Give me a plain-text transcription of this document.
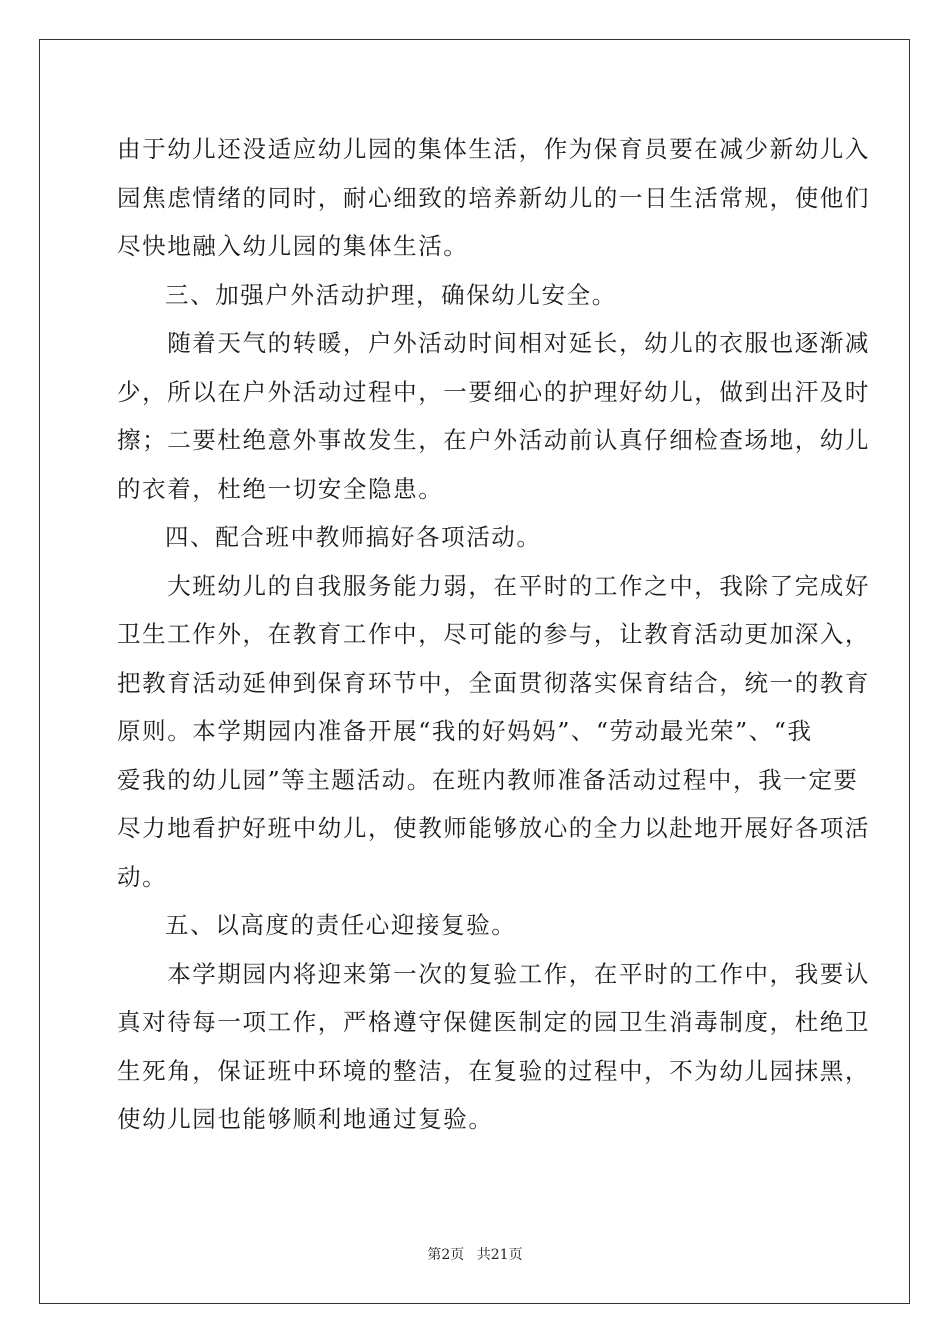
由于幼儿还没适应幼儿园的集体生活，作为保育员要在减少新幼儿入
园焦虑情绪的同时，耐心细致的培养新幼儿的一日生活常规，使他们
尽快地融入幼儿园的集体生活。
三、加强户外活动护理，确保幼儿安全。
　　随着天气的转暖，户外活动时间相对延长，幼儿的衣服也逐渐减
少，所以在户外活动过程中，一要细心的护理好幼儿，做到出汗及时
擦；二要杜绝意外事故发生，在户外活动前认真仔细检查场地，幼儿
的衣着，杜绝一切安全隐患。
四、配合班中教师搞好各项活动。
　　大班幼儿的自我服务能力弱，在平时的工作之中，我除了完成好
卫生工作外，在教育工作中，尽可能的参与，让教育活动更加深入，
把教育活动延伸到保育环节中，全面贯彻落实保育结合，统一的教育
原则。本学期园内准备开展“我的好妈妈”、“劳动最光荣”、“我
爱我的幼儿园”等主题活动。在班内教师准备活动过程中，我一定要
尽力地看护好班中幼儿，使教师能够放心的全力以赴地开展好各项活
动。
五、以高度的责任心迎接复验。
　　本学期园内将迎来第一次的复验工作，在平时的工作中，我要认
真对待每一项工作，严格遵守保健医制定的园卫生消毒制度，杜绝卫
生死角，保证班中环境的整洁，在复验的过程中，不为幼儿园抹黑，
使幼儿园也能够顺利地通过复验。
第2页 共21页
